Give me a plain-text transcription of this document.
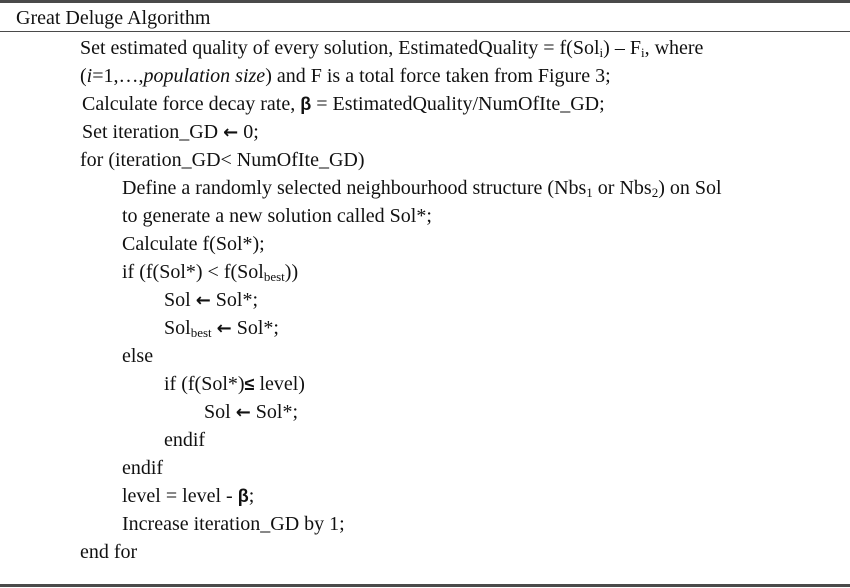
Great Deluge Algorithm
Set estimated quality of every solution, EstimatedQuality = $f(Sol_i) - F_i$, where
(i=1,…,population size) and F is a total force taken from Figure 3;
Calculate force decay rate, β = EstimatedQuality/NumOfIte_GD;
Set iteration_GD ← 0;
for (iteration_GD< NumOfIte_GD)
Define a randomly selected neighbourhood structure (Nbs$_1$ or Nbs$_2$) on Sol
to generate a new solution called Sol*;
Calculate f(Sol*);
if (f(Sol*) < f(Sol$_{best}$))
Sol ← Sol*;
Sol$_{best}$ ← Sol*;
else
if (f(Sol*)≤ level)
Sol ← Sol*;
endif
endif
level = level - β;
Increase iteration_GD by 1;
end for
